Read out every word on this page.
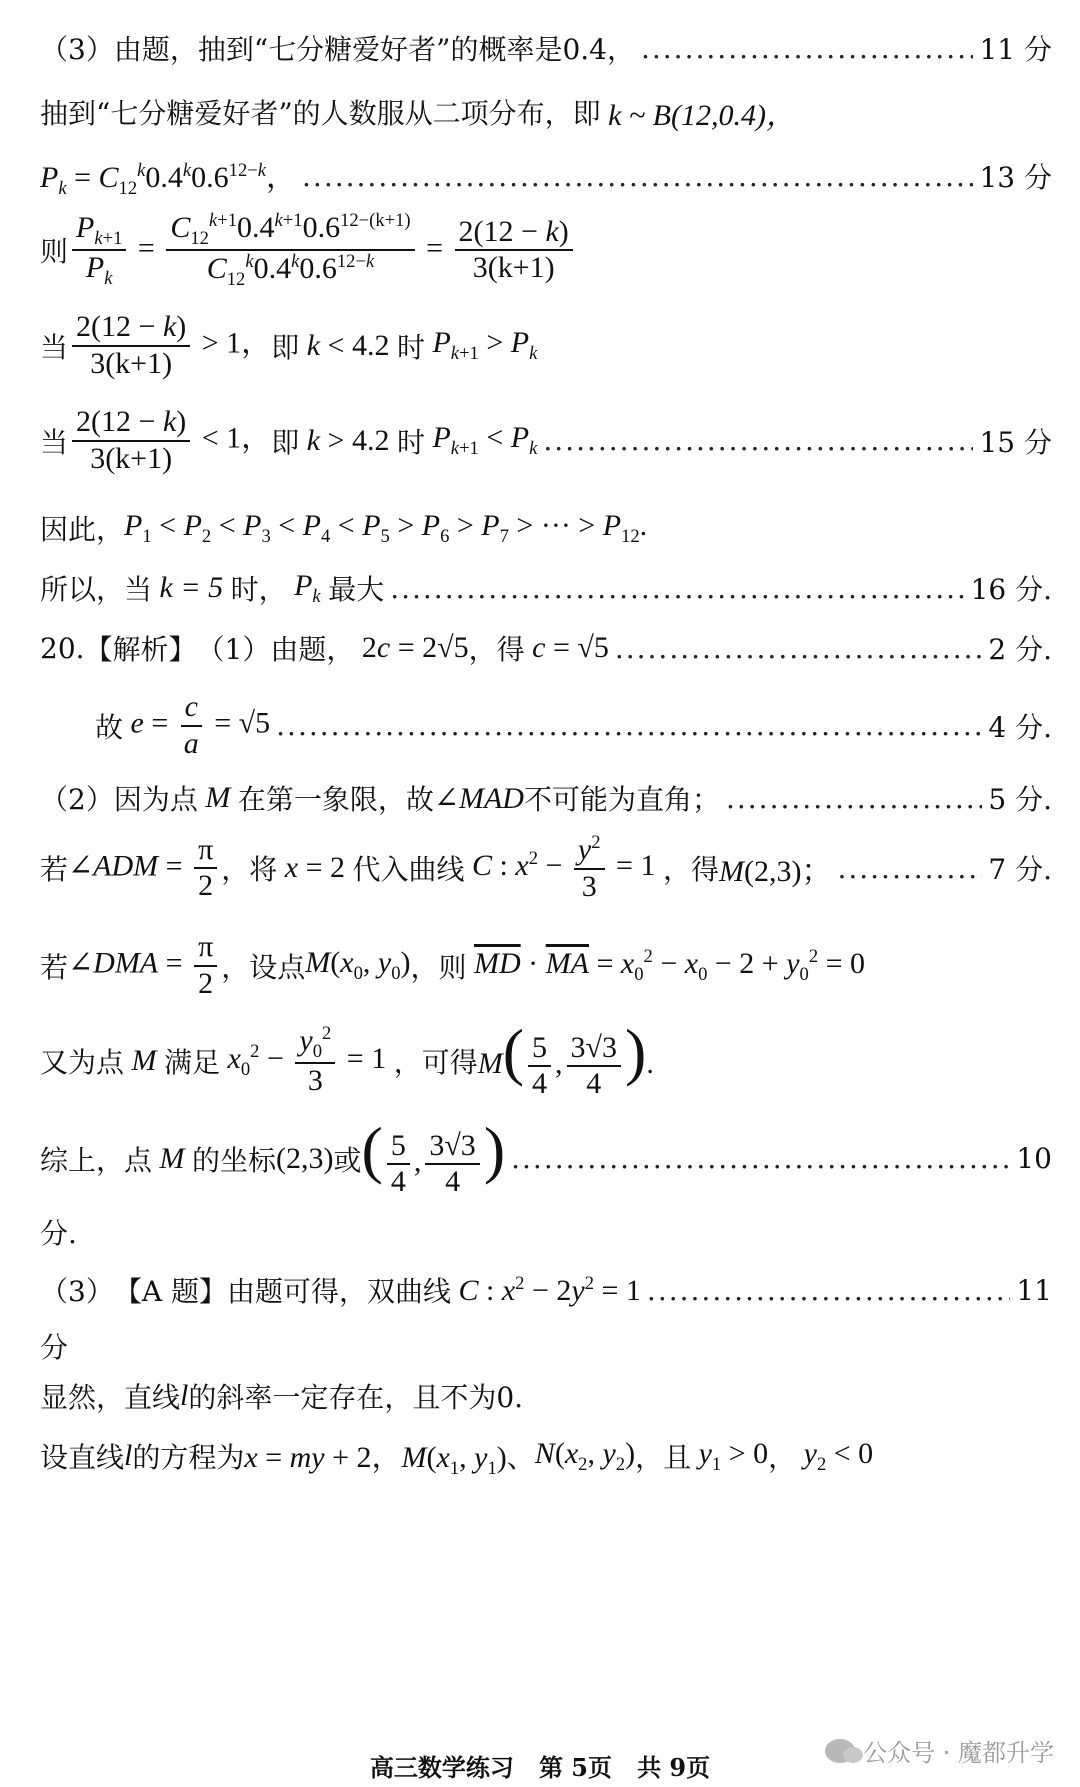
（3）由题，抽到“七分糖爱好者”的概率是0.4， .....	11 分
抽到“七分糖爱好者”的人数服从二项分布，即 k ~ B(12,0.4)，
$P_k = C_{12}^k0.4^k0.6^{12-k}$， .....	13 分
则 $\frac{P_{k+1}}{P_k} = \frac{C_{12}^{k+1}0.4^{k+1}0.6^{12-(k+1)}}{C_{12}^k0.4^k0.6^{12-k}} = \frac{2(12 - k)}{3(k+1)}$
当 $\frac{2(12 - k)}{3(k+1)} > 1$， 即 k < 4.2 时 $P_{k+1} > P_k$
当 $\frac{2(12 - k)}{3(k+1)} < 1$， 即 k > 4.2 时 $P_{k+1} < P_k$ .....	15 分
因此， $P_1 < P_2 < P_3 < P_4 < P_5 > P_6 > P_7$ > ··· > $P_{12}$.
所以，当 k = 5 时， $P_k$ 最大 .....	16 分.
20. 【解析】 （1）由题， 2c = 2√5 ，得 c = √5 .....	2 分.
故 $e = \frac{c}{a} = √5$ .....	4 分.
（2）因为点 M 在第一象限，故 ∠MAD 不可能为直角； .....	5 分.
若 ∠ADM = $\frac{\pi}{2}$ ，将 x = 2 代入曲线 C : $x^2 - \frac{y^2}{3} = 1$ ，得 M(2,3)； .....	7 分.
若 ∠DMA = $\frac{\pi}{2}$ ，设点 $M(x_0$, $y_0$) ，则 $\overline{MD} \cdot \overline{MA} = x_0^2 - x_0 - 2 + y_0^2 = 0$
又为点 M 满足 $x_0^2 - \frac{y_0^2}{3} = 1$ ，可得 $M( \frac{5}{4}$ , $\frac{3√3}{4}$ ).
综上，点 M 的坐标 (2,3) 或 ( $\frac{5}{4}$ , $\frac{3√3}{4}$ ) .....	10
分.
（3） 【A 题】 由题可得，双曲线 C : $x^2 - 2y^2 = 1$ .....	11
分
显然，直线 l 的斜率一定存在，且不为0.
设直线 l 的方程为 x = my + 2，$M(x_1$, $y_1$) 、 $N(x_2$, $y_2$) ，且 $y_1 > 0$ ， $y_2 < 0$
高三数学练习 第 5页 共 9页	公众号 · 魔都升学
